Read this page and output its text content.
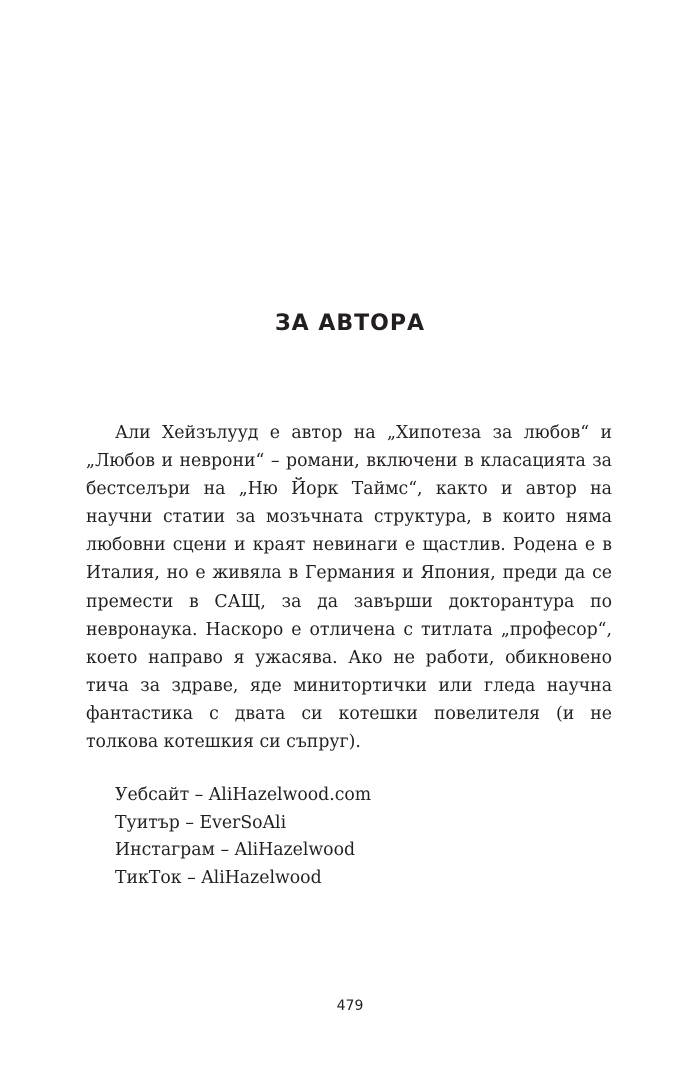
ЗА АВТОРА

Али Хейзълууд е автор на „Хипотеза за любов“ и „Любов и неврони“ – романи, включени в класацията за бестселъри на „Ню Йорк Таймс“, както и автор на научни статии за мозъчната структура, в които няма любовни сцени и краят невинаги е щастлив. Родена е в Италия, но е живяла в Германия и Япония, преди да се премести в САЩ, за да завърши докторантура по невронаука. Наскоро е отличена с титлата „професор“, което направо я ужасява. Ако не работи, обикновено тича за здраве, яде минитортички или гледа научна фантастика с двата си котешки повелителя (и не толкова котешкия си съпруг).

Уебсайт – AliHazelwood.com
Туитър – EverSoAli
Инстаграм – AliHazelwood
TикTок – AliHazelwood
479
